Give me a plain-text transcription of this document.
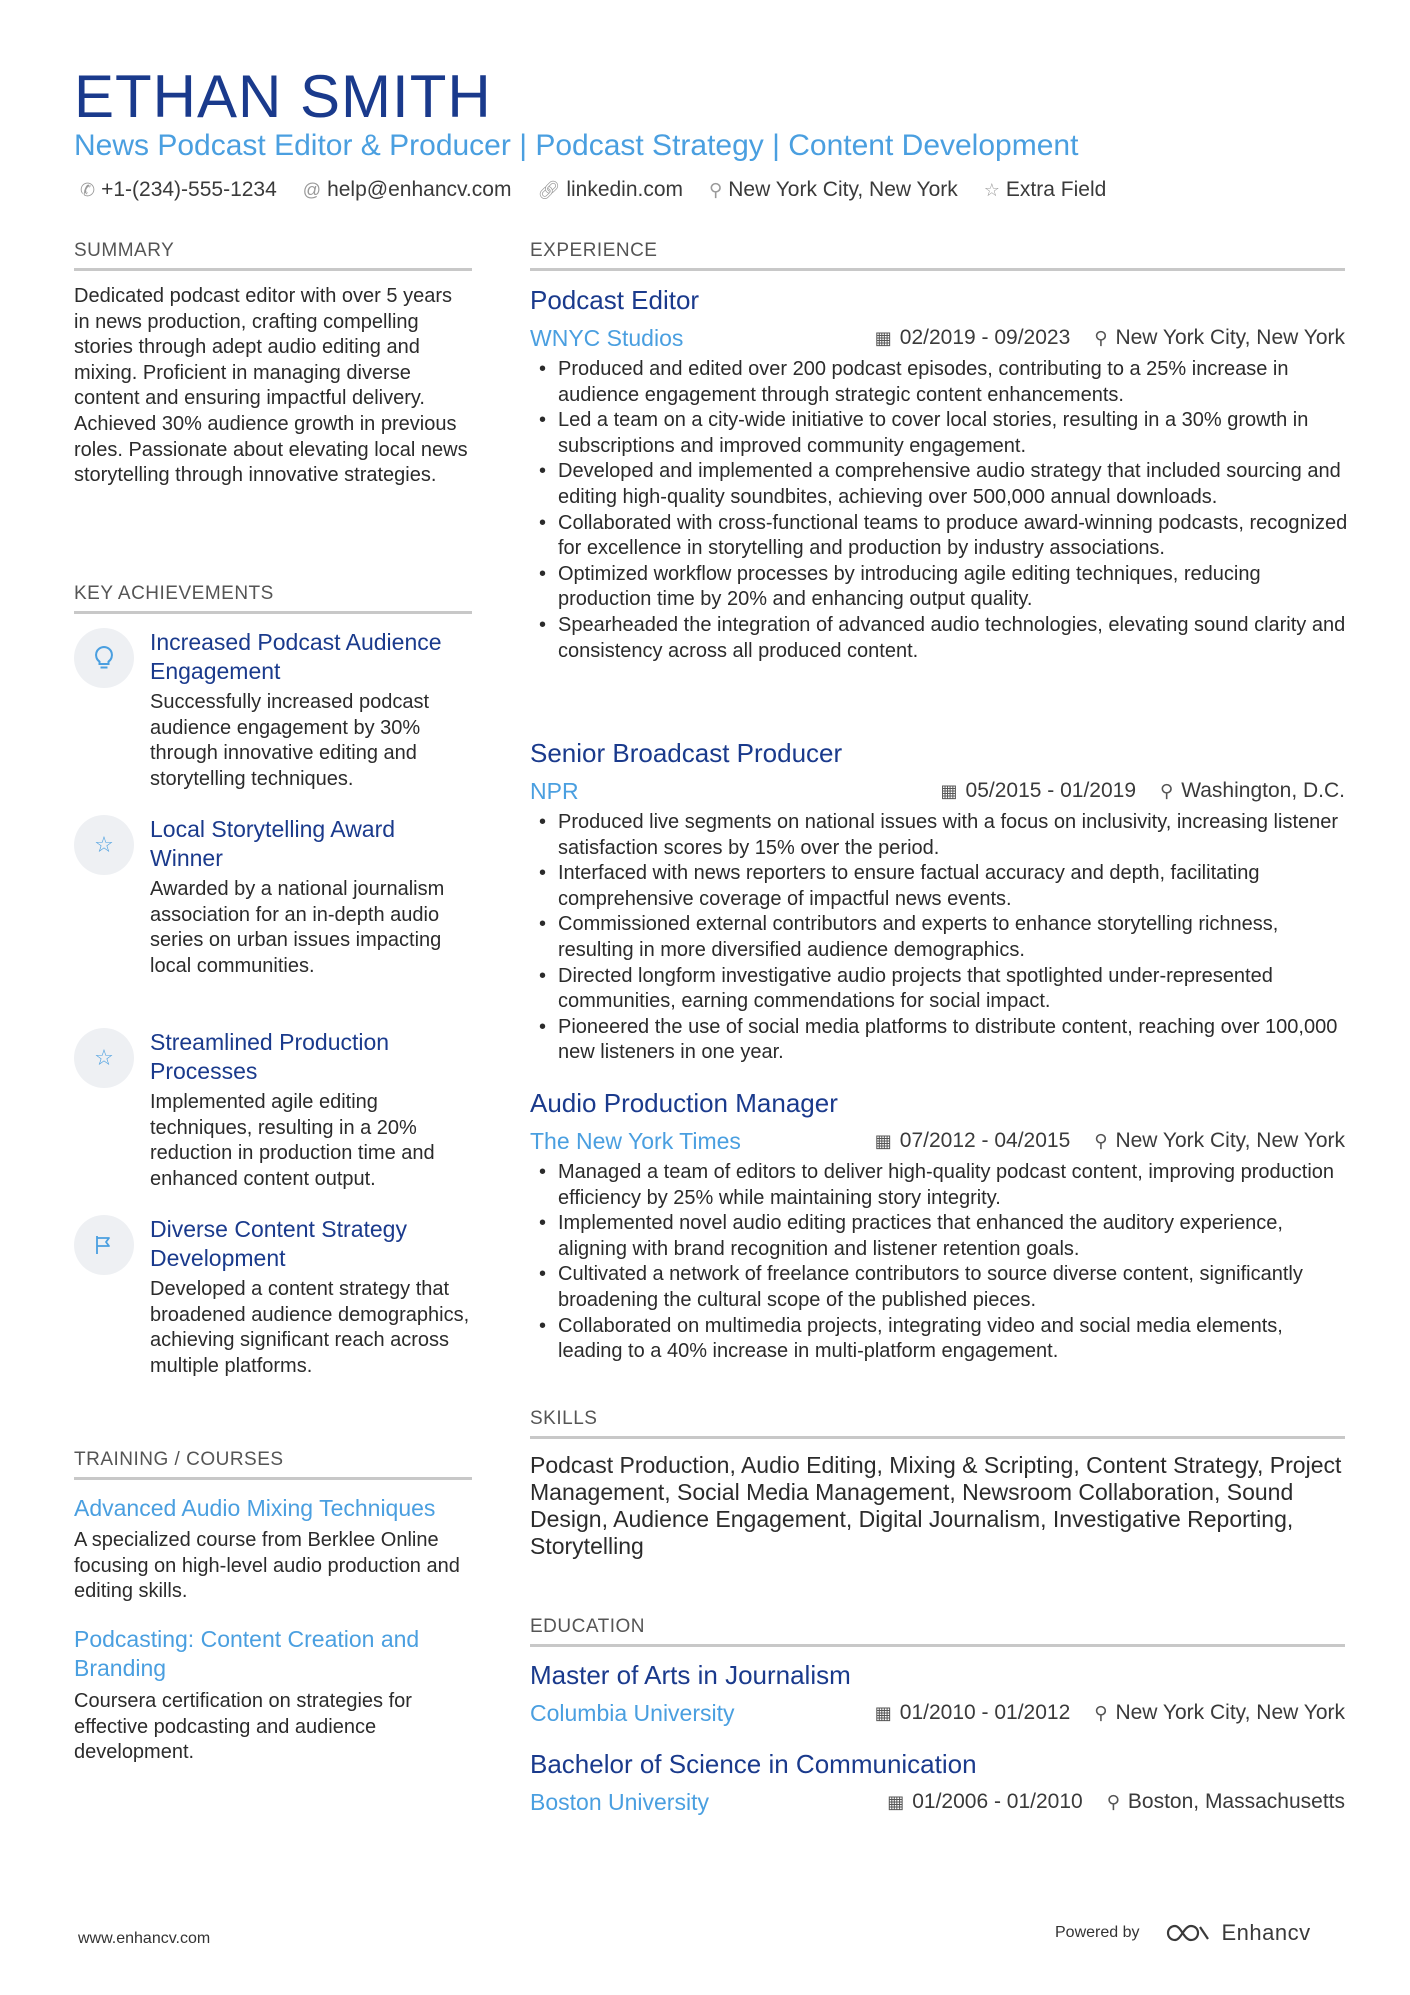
ETHAN SMITH
News Podcast Editor & Producer | Podcast Strategy | Content Development
✆ +1-(234)-555-1234 @ help@enhancv.com 🔗︎ linkedin.com ⚲ New York City, New York ☆ Extra Field
SUMMARY
Dedicated podcast editor with over 5 years in news production, crafting compelling stories through adept audio editing and mixing. Proficient in managing diverse content and ensuring impactful delivery. Achieved 30% audience growth in previous roles. Passionate about elevating local news storytelling through innovative strategies.
KEY ACHIEVEMENTS
Increased Podcast Audience Engagement
Successfully increased podcast audience engagement by 30% through innovative editing and storytelling techniques.
☆
Local Storytelling Award Winner
Awarded by a national journalism association for an in-depth audio series on urban issues impacting local communities.
☆
Streamlined Production Processes
Implemented agile editing techniques, resulting in a 20% reduction in production time and enhanced content output.
Diverse Content Strategy Development
Developed a content strategy that broadened audience demographics, achieving significant reach across multiple platforms.
TRAINING / COURSES
Advanced Audio Mixing Techniques
A specialized course from Berklee Online focusing on high-level audio production and editing skills.
Podcasting: Content Creation and Branding
Coursera certification on strategies for effective podcasting and audience development.
EXPERIENCE
Podcast Editor
WNYC Studios	▦ 02/2019 - 09/2023 ⚲ New York City, New York
• Produced and edited over 200 podcast episodes, contributing to a 25% increase in audience engagement through strategic content enhancements.
• Led a team on a city-wide initiative to cover local stories, resulting in a 30% growth in subscriptions and improved community engagement.
• Developed and implemented a comprehensive audio strategy that included sourcing and editing high-quality soundbites, achieving over 500,000 annual downloads.
• Collaborated with cross-functional teams to produce award-winning podcasts, recognized for excellence in storytelling and production by industry associations.
• Optimized workflow processes by introducing agile editing techniques, reducing production time by 20% and enhancing output quality.
• Spearheaded the integration of advanced audio technologies, elevating sound clarity and consistency across all produced content.
Senior Broadcast Producer
NPR	▦ 05/2015 - 01/2019 ⚲ Washington, D.C.
• Produced live segments on national issues with a focus on inclusivity, increasing listener satisfaction scores by 15% over the period.
• Interfaced with news reporters to ensure factual accuracy and depth, facilitating comprehensive coverage of impactful news events.
• Commissioned external contributors and experts to enhance storytelling richness, resulting in more diversified audience demographics.
• Directed longform investigative audio projects that spotlighted under-represented communities, earning commendations for social impact.
• Pioneered the use of social media platforms to distribute content, reaching over 100,000 new listeners in one year.
Audio Production Manager
The New York Times	▦ 07/2012 - 04/2015 ⚲ New York City, New York
• Managed a team of editors to deliver high-quality podcast content, improving production efficiency by 25% while maintaining story integrity.
• Implemented novel audio editing practices that enhanced the auditory experience, aligning with brand recognition and listener retention goals.
• Cultivated a network of freelance contributors to source diverse content, significantly broadening the cultural scope of the published pieces.
• Collaborated on multimedia projects, integrating video and social media elements, leading to a 40% increase in multi-platform engagement.
SKILLS
Podcast Production, Audio Editing, Mixing & Scripting, Content Strategy, Project Management, Social Media Management, Newsroom Collaboration, Sound Design, Audience Engagement, Digital Journalism, Investigative Reporting, Storytelling
EDUCATION
Master of Arts in Journalism
Columbia University	▦ 01/2010 - 01/2012 ⚲ New York City, New York
Bachelor of Science in Communication
Boston University	▦ 01/2006 - 01/2010 ⚲ Boston, Massachusetts
www.enhancv.com	Powered by	Enhancv
